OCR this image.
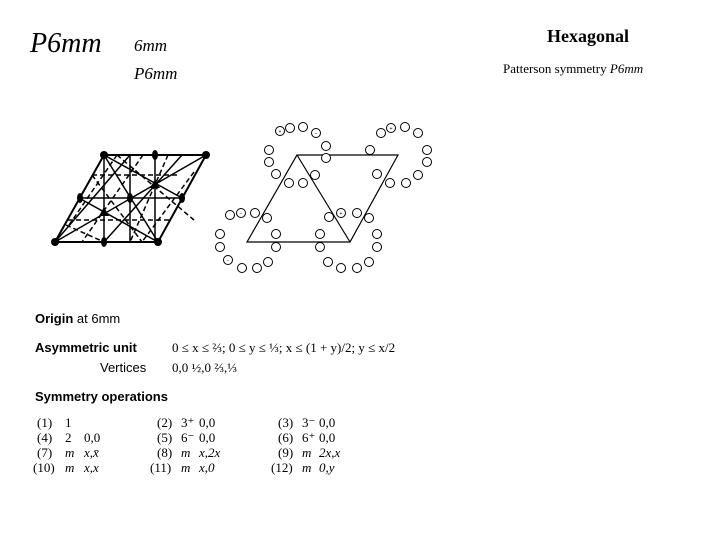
P6mm 6mm
P6mm
Hexagonal
Patterson symmetry P6mm
+	−
+
−	+
−
Origin at 6mm
Asymmetric unit	0 ≤ x ≤ ⅔; 0 ≤ y ≤ ⅓; x ≤ (1 + y)/2; y ≤ x/2
Vertices 0,0 ½,0 ⅔,⅓
Symmetry operations
(1) 1	(2) 3⁺ 0,0	(3) 3⁻ 0,0
(4) 2 0,0	(5) 6⁻ 0,0	(6) 6⁺ 0,0
(7) m x,x̄	(8) m x,2x	(9) m 2x,x
(10) m x,x	(11) m x,0	(12) m 0,y
